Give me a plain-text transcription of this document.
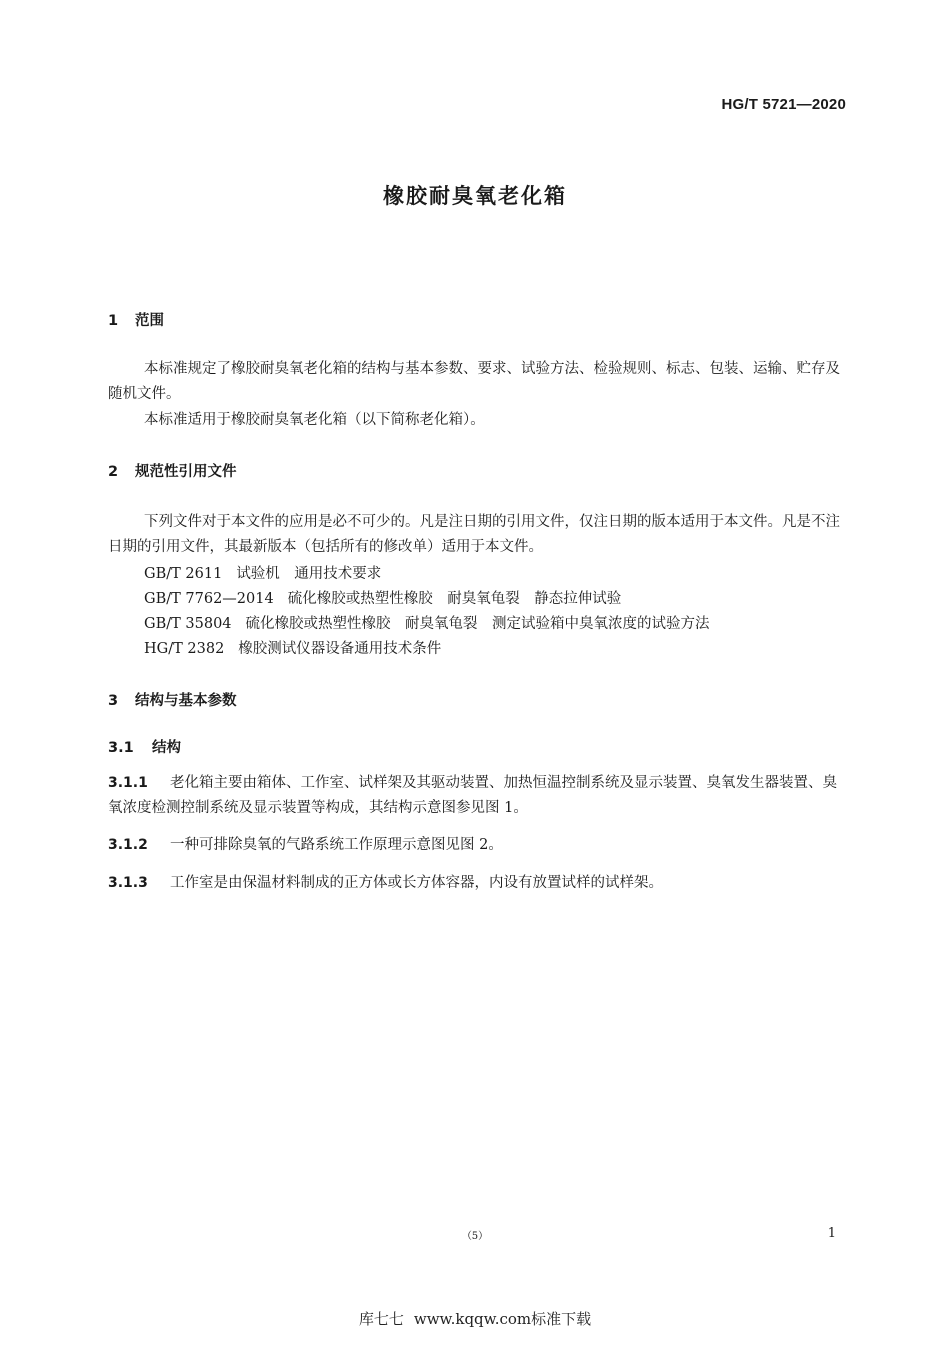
HG/T 5721—2020
橡胶耐臭氧老化箱
1 范围
本标准规定了橡胶耐臭氧老化箱的结构与基本参数、要求、试验方法、检验规则、标志、包装、运输、贮存及随机文件。
本标准适用于橡胶耐臭氧老化箱（以下简称老化箱）。
2 规范性引用文件
下列文件对于本文件的应用是必不可少的。凡是注日期的引用文件，仅注日期的版本适用于本文件。凡是不注日期的引用文件，其最新版本（包括所有的修改单）适用于本文件。
GB/T 2611 试验机　通用技术要求
GB/T 7762—2014 硫化橡胶或热塑性橡胶　耐臭氧龟裂　静态拉伸试验
GB/T 35804 硫化橡胶或热塑性橡胶　耐臭氧龟裂　测定试验箱中臭氧浓度的试验方法
HG/T 2382 橡胶测试仪器设备通用技术条件
3 结构与基本参数
3.1 结构
3.1.1 老化箱主要由箱体、工作室、试样架及其驱动装置、加热恒温控制系统及显示装置、臭氧发生器装置、臭氧浓度检测控制系统及显示装置等构成，其结构示意图参见图 1。
3.1.2 一种可排除臭氧的气路系统工作原理示意图见图 2。
3.1.3 工作室是由保温材料制成的正方体或长方体容器，内设有放置试样的试样架。
（5）	1
库七七 www.kqqw.com标准下载
